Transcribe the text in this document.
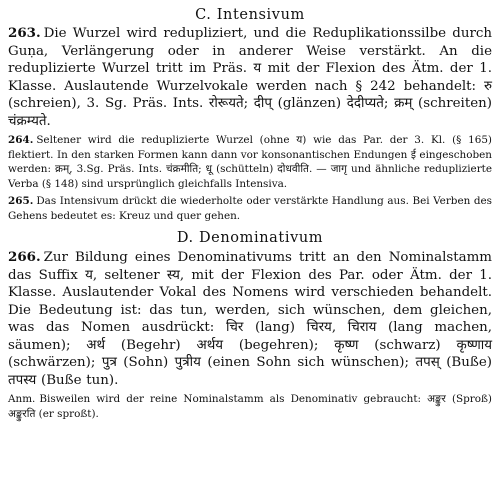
C. Intensivum

263. Die Wurzel wird redupliziert, und die Reduplikationssilbe durch Guṇa, Verlängerung oder in anderer Weise verstärkt. An die reduplizierte Wurzel tritt im Präs. य mit der Flexion des Ätm. der 1. Klasse. Auslautende Wurzelvokale werden nach § 242 behandelt: रु (schreien), 3. Sg. Präs. Ints. रोरूयते; दीप् (glänzen) देदीप्यते; क्रम् (schreiten) चंक्रम्यते.

264. Seltener wird die reduplizierte Wurzel (ohne य) wie das Par. der 3. Kl. (§ 165) flektiert. In den starken Formen kann dann vor konsonantischen Endungen ई eingeschoben werden: क्रम्, 3.Sg. Präs. Ints. चंक्रमीति; धू (schütteln) दोधवीति. — जागृ und ähnliche reduplizierte Verba (§ 148) sind ursprünglich gleichfalls Intensiva.

265. Das Intensivum drückt die wiederholte oder verstärkte Handlung aus. Bei Verben des Gehens bedeutet es: Kreuz und quer gehen.

D. Denominativum

266. Zur Bildung eines Denominativums tritt an den Nominalstamm das Suffix य, seltener स्य, mit der Flexion des Par. oder Ätm. der 1. Klasse. Auslautender Vokal des Nomens wird verschieden behandelt. Die Bedeutung ist: das tun, werden, sich wünschen, dem gleichen, was das Nomen ausdrückt: चिर (lang) चिरय, चिराय (lang machen, säumen); अर्थ (Begehr) अर्थय (begehren); कृष्ण (schwarz) कृष्णाय (schwärzen); पुत्र (Sohn) पुत्रीय (einen Sohn sich wünschen); तपस् (Buße) तपस्य (Buße tun).

Anm. Bisweilen wird der reine Nominalstamm als Denominativ gebraucht: अङ्कुर (Sproß) अङ्कुरति (er sproßt).
